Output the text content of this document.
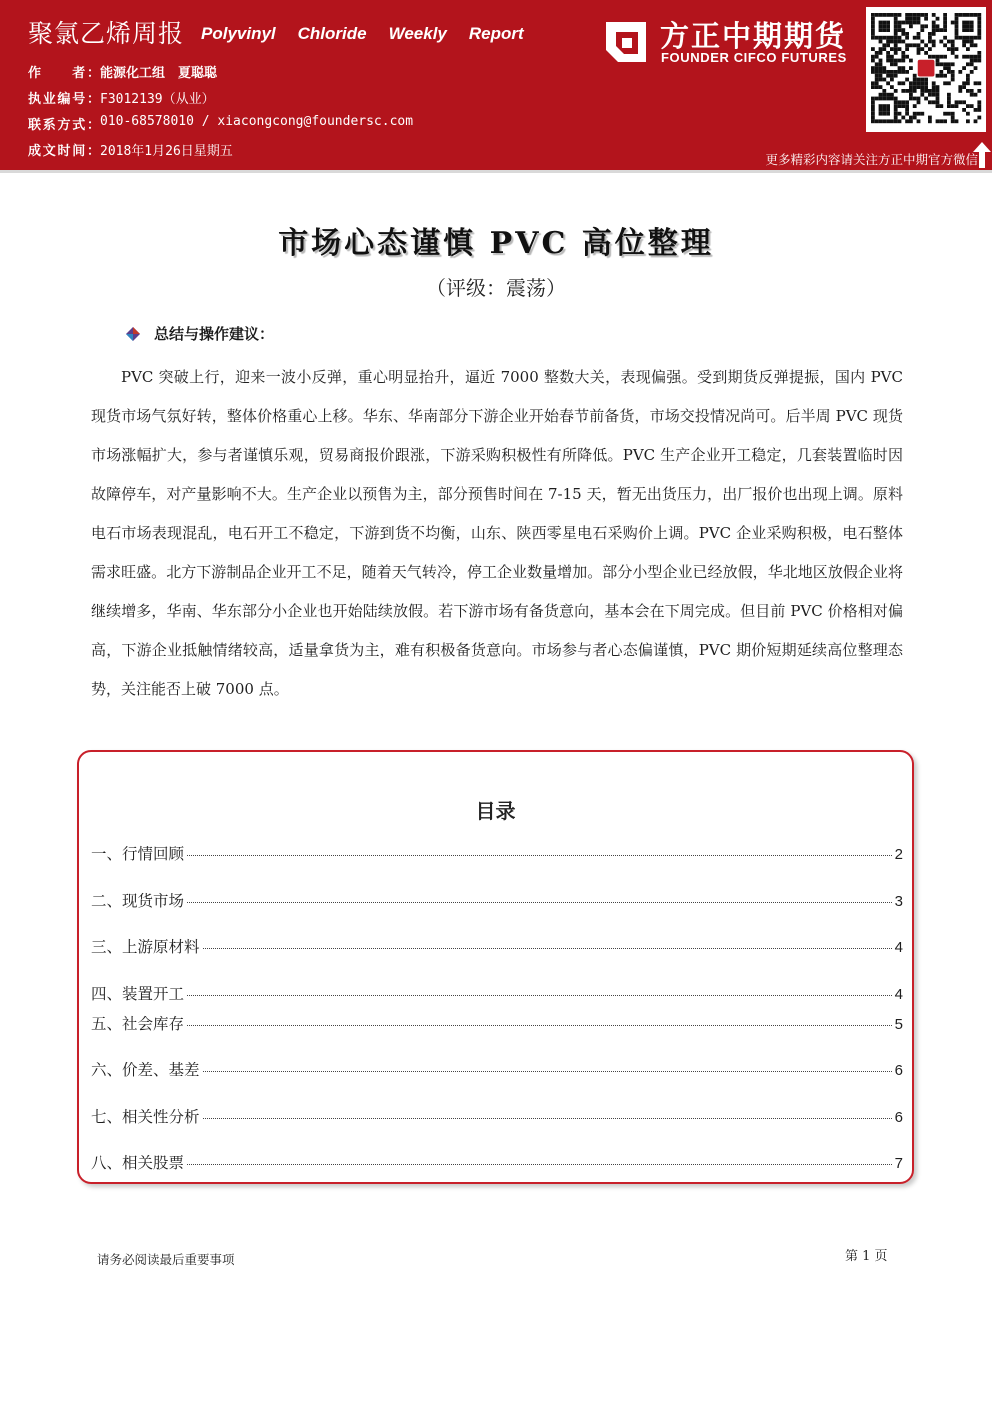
聚氯乙烯周报 Polyvinyl Chloride Weekly Report
作　　者： 能源化工组　夏聪聪
执业编号： F3012139（从业）
联系方式： 010-68578010 / xiacongcong@foundersc.com
成文时间： 2018年1月26日星期五
方正中期期货
FOUNDER CIFCO FUTURES
更多精彩内容请关注方正中期官方微信
市场心态谨慎 PVC 高位整理
（评级：震荡）
总结与操作建议：
PVC 突破上行，迎来一波小反弹，重心明显抬升，逼近 7000 整数大关，表现偏强。受到期货反弹提振，国内 PVC 现货市场气氛好转，整体价格重心上移。华东、华南部分下游企业开始春节前备货，市场交投情况尚可。后半周 PVC 现货市场涨幅扩大，参与者谨慎乐观，贸易商报价跟涨，下游采购积极性有所降低。PVC 生产企业开工稳定，几套装置临时因故障停车，对产量影响不大。生产企业以预售为主，部分预售时间在 7-15 天，暂无出货压力，出厂报价也出现上调。原料电石市场表现混乱，电石开工不稳定，下游到货不均衡，山东、陕西零星电石采购价上调。PVC 企业采购积极，电石整体需求旺盛。北方下游制品企业开工不足，随着天气转冷，停工企业数量增加。部分小型企业已经放假，华北地区放假企业将继续增多，华南、华东部分小企业也开始陆续放假。若下游市场有备货意向，基本会在下周完成。但目前 PVC 价格相对偏高，下游企业抵触情绪较高，适量拿货为主，难有积极备货意向。市场参与者心态偏谨慎，PVC 期价短期延续高位整理态势，关注能否上破 7000 点。
目录
一、行情回顾	2
二、现货市场	3
三、上游原材料	4
四、装置开工	4
五、社会库存	5
六、价差、基差	6
七、相关性分析	6
八、相关股票	7
请务必阅读最后重要事项	第 1 页
